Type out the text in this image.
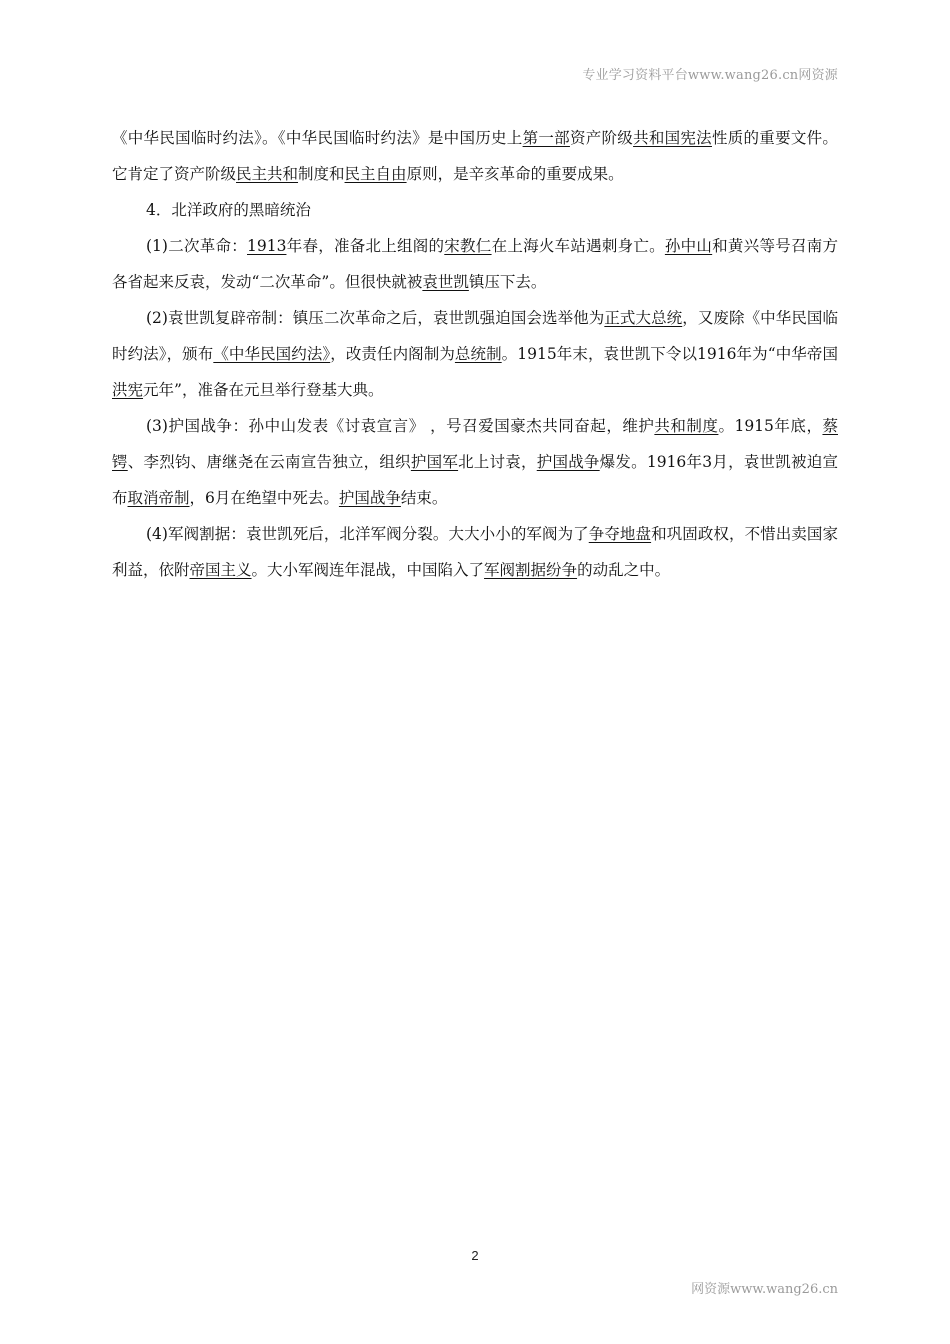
专业学习资料平台www.wang26.cn网资源

《中华民国临时约法》。《中华民国临时约法》是中国历史上第一部资产阶级共和国宪法性质的重要文件。它肯定了资产阶级民主共和制度和民主自由原则，是辛亥革命的重要成果。

4．北洋政府的黑暗统治

(1)二次革命：1913年春，准备北上组阁的宋教仁在上海火车站遇刺身亡。孙中山和黄兴等号召南方各省起来反袁，发动“二次革命”。但很快就被袁世凯镇压下去。

(2)袁世凯复辟帝制：镇压二次革命之后，袁世凯强迫国会选举他为正式大总统，又废除《中华民国临时约法》，颁布《中华民国约法》，改责任内阁制为总统制。1915年末，袁世凯下令以1916年为“中华帝国洪宪元年”，准备在元旦举行登基大典。

(3)护国战争：孙中山发表《讨袁宣言》 ，号召爱国豪杰共同奋起，维护共和制度。1915年底，蔡锷、李烈钧、唐继尧在云南宣告独立，组织护国军北上讨袁，护国战争爆发。1916年3月，袁世凯被迫宣布取消帝制，6月在绝望中死去。护国战争结束。

(4)军阀割据：袁世凯死后，北洋军阀分裂。大大小小的军阀为了争夺地盘和巩固政权，不惜出卖国家利益，依附帝国主义。大小军阀连年混战，中国陷入了军阀割据纷争的动乱之中。

2
网资源www.wang26.cn
